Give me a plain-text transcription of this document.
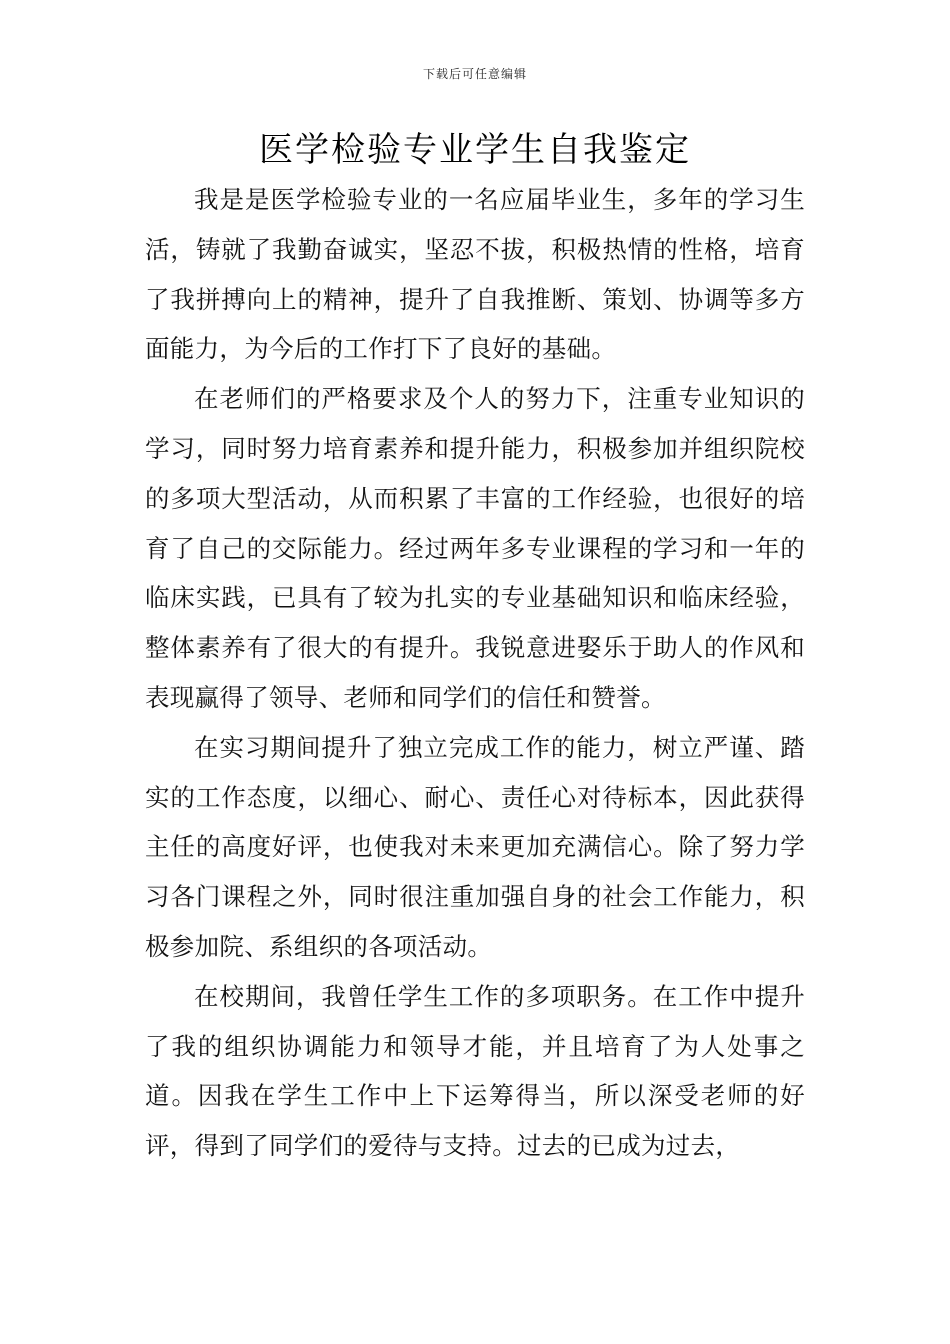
下载后可任意编辑
医学检验专业学生自我鉴定

我是是医学检验专业的一名应届毕业生，多年的学习生活，铸就了我勤奋诚实，坚忍不拔，积极热情的性格，培育了我拼搏向上的精神，提升了自我推断、策划、协调等多方面能力，为今后的工作打下了良好的基础。

在老师们的严格要求及个人的努力下，注重专业知识的学习，同时努力培育素养和提升能力，积极参加并组织院校的多项大型活动，从而积累了丰富的工作经验，也很好的培育了自己的交际能力。经过两年多专业课程的学习和一年的临床实践，已具有了较为扎实的专业基础知识和临床经验，整体素养有了很大的有提升。我锐意进娶乐于助人的作风和表现赢得了领导、老师和同学们的信任和赞誉。

在实习期间提升了独立完成工作的能力，树立严谨、踏实的工作态度，以细心、耐心、责任心对待标本，因此获得主任的高度好评，也使我对未来更加充满信心。除了努力学习各门课程之外，同时很注重加强自身的社会工作能力，积极参加院、系组织的各项活动。

在校期间，我曾任学生工作的多项职务。在工作中提升了我的组织协调能力和领导才能，并且培育了为人处事之道。因我在学生工作中上下运筹得当，所以深受老师的好评，得到了同学们的爱待与支持。过去的已成为过去，
